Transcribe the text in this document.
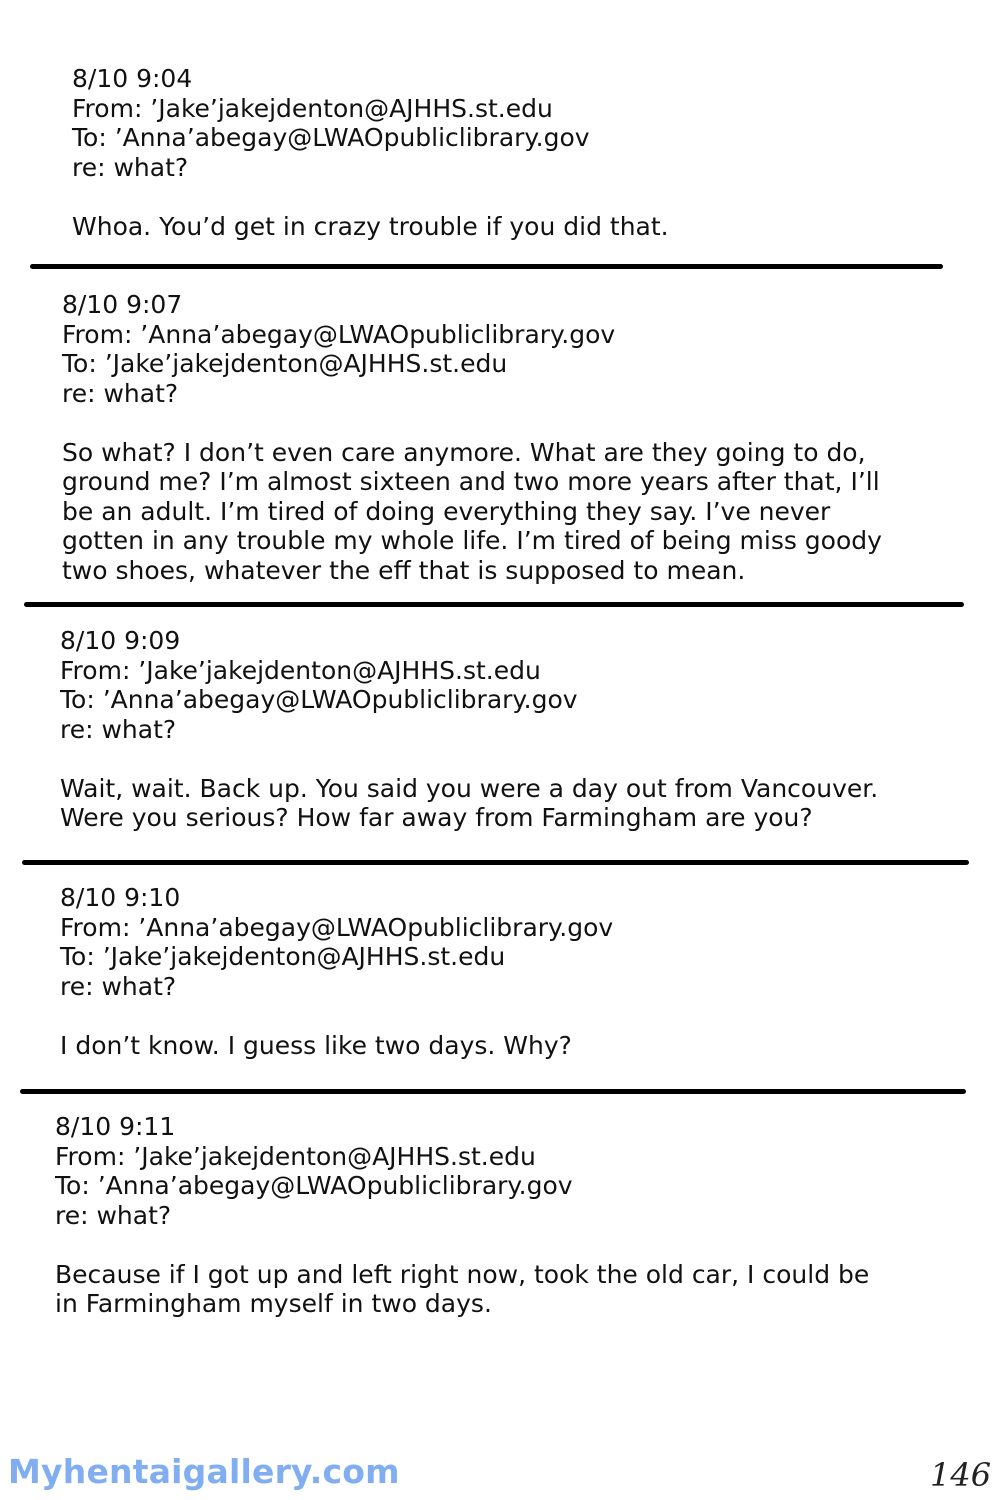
8/10 9:04
From: ’Jake’jakejdenton@AJHHS.st.edu
To: ’Anna’abegay@LWAOpubliclibrary.gov
re: what?
Whoa. You’d get in crazy trouble if you did that.
8/10 9:07
From: ’Anna’abegay@LWAOpubliclibrary.gov
To: ’Jake’jakejdenton@AJHHS.st.edu
re: what?
So what? I don’t even care anymore. What are they going to do,
ground me? I’m almost sixteen and two more years after that, I’ll
be an adult. I’m tired of doing everything they say. I’ve never
gotten in any trouble my whole life. I’m tired of being miss goody
two shoes, whatever the eff that is supposed to mean.
8/10 9:09
From: ’Jake’jakejdenton@AJHHS.st.edu
To: ’Anna’abegay@LWAOpubliclibrary.gov
re: what?
Wait, wait. Back up. You said you were a day out from Vancouver.
Were you serious? How far away from Farmingham are you?
8/10 9:10
From: ’Anna’abegay@LWAOpubliclibrary.gov
To: ’Jake’jakejdenton@AJHHS.st.edu
re: what?
I don’t know. I guess like two days. Why?
8/10 9:11
From: ’Jake’jakejdenton@AJHHS.st.edu
To: ’Anna’abegay@LWAOpubliclibrary.gov
re: what?
Because if I got up and left right now, took the old car, I could be
in Farmingham myself in two days.
Myhentaigallery.com	146
